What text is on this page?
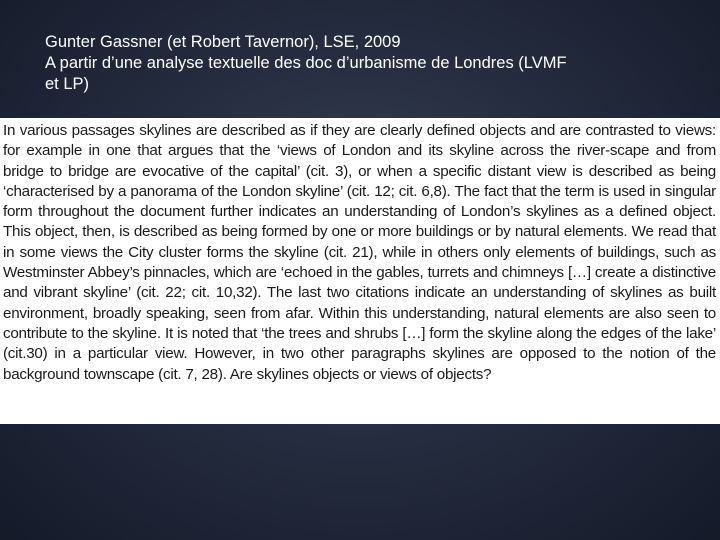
Gunter Gassner (et Robert Tavernor), LSE, 2009
A partir d’une analyse textuelle des doc d’urbanisme de Londres (LVMF
et LP)

In various passages skylines are described as if they are clearly defined objects and are contrasted to views: for example in one that argues that the ‘views of London and its skyline across the river-scape and from bridge to bridge are evocative of the capital’ (cit. 3), or when a specific distant view is described as being ‘characterised by a panorama of the London skyline’ (cit. 12; cit. 6,8). The fact that the term is used in singular form throughout the document further indicates an understanding of London’s skylines as a defined object. This object, then, is described as being formed by one or more buildings or by natural elements. We read that in some views the City cluster forms the skyline (cit. 21), while in others only elements of buildings, such as Westminster Abbey’s pinnacles, which are ‘echoed in the gables, turrets and chimneys […] create a distinctive and vibrant skyline’ (cit. 22; cit. 10,32). The last two citations indicate an understanding of skylines as built environment, broadly speaking, seen from afar. Within this understanding, natural elements are also seen to contribute to the skyline. It is noted that ‘the trees and shrubs […] form the skyline along the edges of the lake’ (cit.30) in a particular view. However, in two other paragraphs skylines are opposed to the notion of the background townscape (cit. 7, 28). Are skylines objects or views of objects?
